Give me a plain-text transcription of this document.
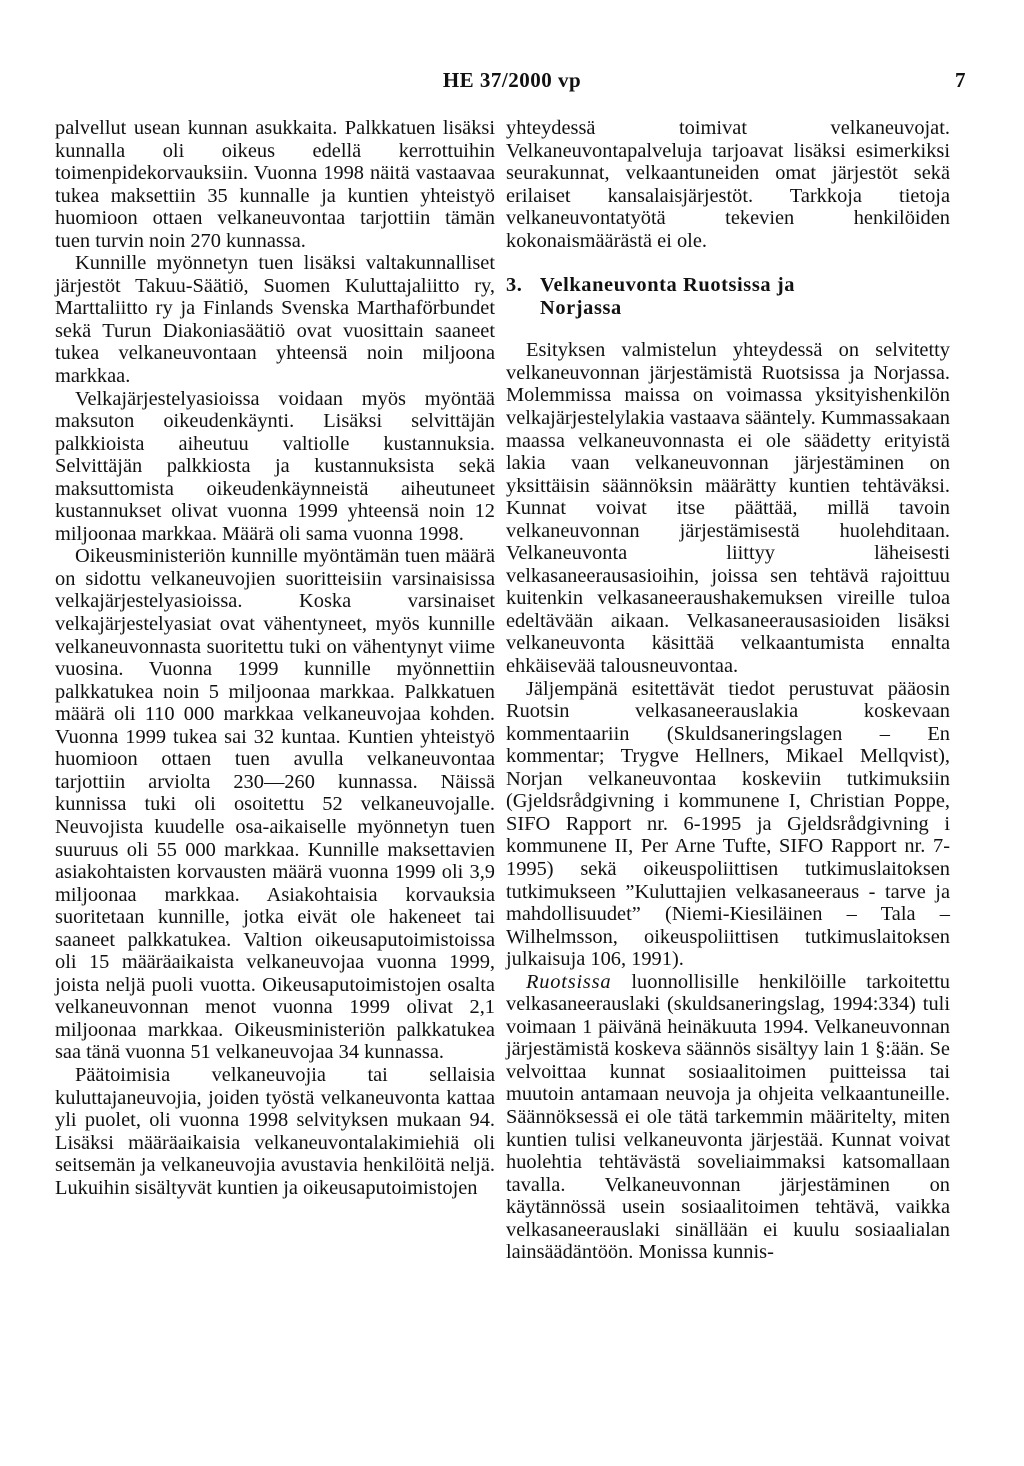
HE 37/2000 vp	7

palvellut usean kunnan asukkaita. Palkkatuen lisäksi kunnalla oli oikeus edellä kerrottuihin toimenpidekorvauksiin. Vuonna 1998 näitä vastaavaa tukea maksettiin 35 kunnalle ja kuntien yhteistyö huomioon ottaen velkaneuvontaa tarjottiin tämän tuen turvin noin 270 kunnassa.

Kunnille myönnetyn tuen lisäksi valtakunnalliset järjestöt Takuu-Säätiö, Suomen Kuluttajaliitto ry, Marttaliitto ry ja Finlands Svenska Marthaförbundet sekä Turun Diakoniasäätiö ovat vuosittain saaneet tukea velkaneuvontaan yhteensä noin miljoona markkaa.

Velkajärjestelyasioissa voidaan myös myöntää maksuton oikeudenkäynti. Lisäksi selvittäjän palkkioista aiheutuu valtiolle kustannuksia. Selvittäjän palkkiosta ja kustannuksista sekä maksuttomista oikeudenkäynneistä aiheutuneet kustannukset olivat vuonna 1999 yhteensä noin 12 miljoonaa markkaa. Määrä oli sama vuonna 1998.

Oikeusministeriön kunnille myöntämän tuen määrä on sidottu velkaneuvojien suoritteisiin varsinaisissa velkajärjestelyasioissa. Koska varsinaiset velkajärjestelyasiat ovat vähentyneet, myös kunnille velkaneuvonnasta suoritettu tuki on vähentynyt viime vuosina. Vuonna 1999 kunnille myönnettiin palkkatukea noin 5 miljoonaa markkaa. Palkkatuen määrä oli 110 000 markkaa velkaneuvojaa kohden. Vuonna 1999 tukea sai 32 kuntaa. Kuntien yhteistyö huomioon ottaen tuen avulla velkaneuvontaa tarjottiin arviolta 230—260 kunnassa. Näissä kunnissa tuki oli osoitettu 52 velkaneuvojalle. Neuvojista kuudelle osa-aikaiselle myönnetyn tuen suuruus oli 55 000 markkaa. Kunnille maksettavien asiakohtaisten korvausten määrä vuonna 1999 oli 3,9 miljoonaa markkaa. Asiakohtaisia korvauksia suoritetaan kunnille, jotka eivät ole hakeneet tai saaneet palkkatukea. Valtion oikeusaputoimistoissa oli 15 määräaikaista velkaneuvojaa vuonna 1999, joista neljä puoli vuotta. Oikeusaputoimistojen osalta velkaneuvonnan menot vuonna 1999 olivat 2,1 miljoonaa markkaa. Oikeusministeriön palkkatukea saa tänä vuonna 51 velkaneuvojaa 34 kunnassa.

Päätoimisia velkaneuvojia tai sellaisia kuluttajaneuvojia, joiden työstä velkaneuvonta kattaa yli puolet, oli vuonna 1998 selvityksen mukaan 94. Lisäksi määräaikaisia velkaneuvontalakimiehiä oli seitsemän ja velkaneuvojia avustavia henkilöitä neljä. Lukuihin sisältyvät kuntien ja oikeusaputoimistojen

yhteydessä toimivat velkaneuvojat. Velkaneuvontapalveluja tarjoavat lisäksi esimerkiksi seurakunnat, velkaantuneiden omat järjestöt sekä erilaiset kansalaisjärjestöt. Tarkkoja tietoja velkaneuvontatyötä tekevien henkilöiden kokonaismäärästä ei ole.

3. Velkaneuvonta Ruotsissa ja
Norjassa

Esityksen valmistelun yhteydessä on selvitetty velkaneuvonnan järjestämistä Ruotsissa ja Norjassa. Molemmissa maissa on voimassa yksityishenkilön velkajärjestelylakia vastaava sääntely. Kummassakaan maassa velkaneuvonnasta ei ole säädetty erityistä lakia vaan velkaneuvonnan järjestäminen on yksittäisin säännöksin määrätty kuntien tehtäväksi. Kunnat voivat itse päättää, millä tavoin velkaneuvonnan järjestämisestä huolehditaan. Velkaneuvonta liittyy läheisesti velkasaneerausasioihin, joissa sen tehtävä rajoittuu kuitenkin velkasaneeraushakemuksen vireille tuloa edeltävään aikaan. Velkasaneerausasioiden lisäksi velkaneuvonta käsittää velkaantumista ennalta ehkäisevää talousneuvontaa.

Jäljempänä esitettävät tiedot perustuvat pääosin Ruotsin velkasaneerauslakia koskevaan kommentaariin (Skuldsaneringslagen – En kommentar; Trygve Hellners, Mikael Mellqvist), Norjan velkaneuvontaa koskeviin tutkimuksiin (Gjeldsrådgivning i kommunene I, Christian Poppe, SIFO Rapport nr. 6-1995 ja Gjeldsrådgivning i kommunene II, Per Arne Tufte, SIFO Rapport nr. 7-1995) sekä oikeuspoliittisen tutkimuslaitoksen tutkimukseen ”Kuluttajien velkasaneeraus - tarve ja mahdollisuudet” (Niemi-Kiesiläinen – Tala – Wilhelmsson, oikeuspoliittisen tutkimuslaitoksen julkaisuja 106, 1991).

Ruotsissa luonnollisille henkilöille tarkoitettu velkasaneerauslaki (skuldsaneringslag, 1994:334) tuli voimaan 1 päivänä heinäkuuta 1994. Velkaneuvonnan järjestämistä koskeva säännös sisältyy lain 1 §:ään. Se velvoittaa kunnat sosiaalitoimen puitteissa tai muutoin antamaan neuvoja ja ohjeita velkaantuneille. Säännöksessä ei ole tätä tarkemmin määritelty, miten kuntien tulisi velkaneuvonta järjestää. Kunnat voivat huolehtia tehtävästä soveliaimmaksi katsomallaan tavalla. Velkaneuvonnan järjestäminen on käytännössä usein sosiaalitoimen tehtävä, vaikka velkasaneerauslaki sinällään ei kuulu sosiaalialan lainsäädäntöön. Monissa kunnis-
